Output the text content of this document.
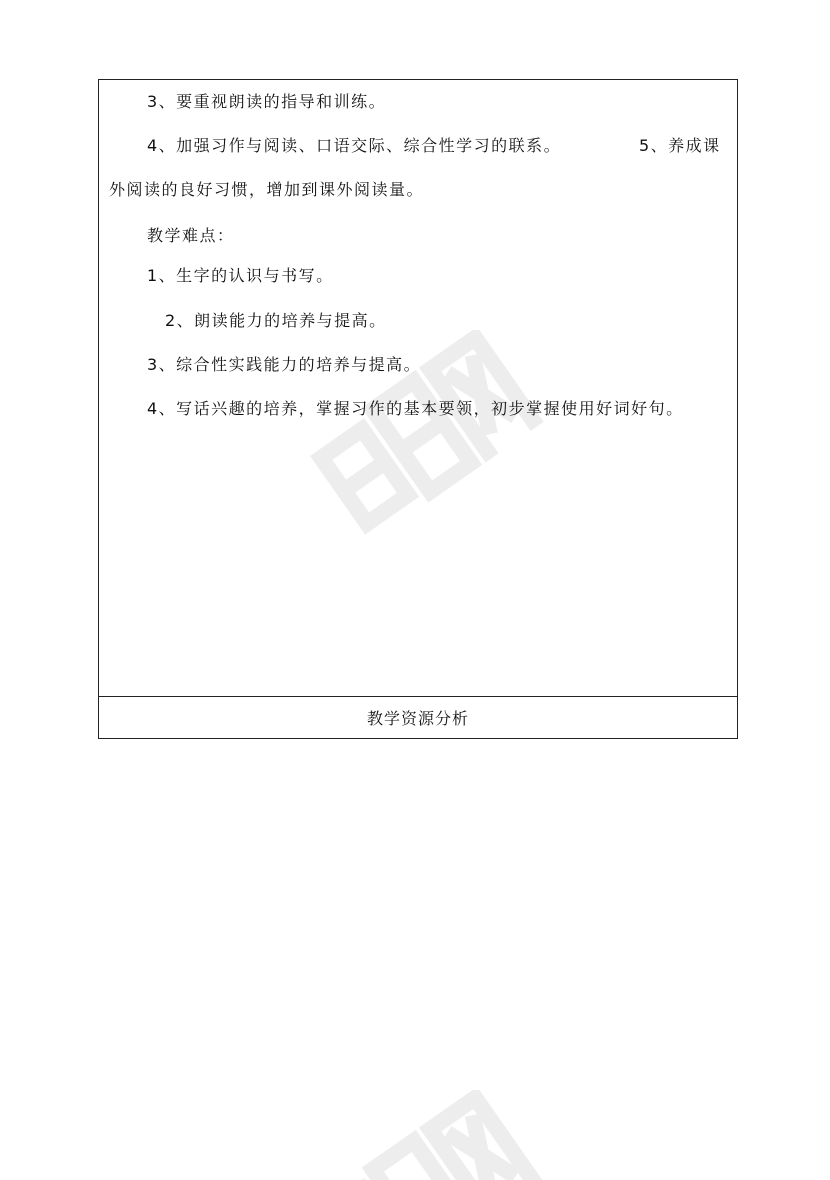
3、要重视朗读的指导和训练。
4、加强习作与阅读、口语交际、综合性学习的联系。	5、养成课
外阅读的良好习惯，增加到课外阅读量。
教学难点：
1、生字的认识与书写。
2、朗读能力的培养与提高。
3、综合性实践能力的培养与提高。
4、写话兴趣的培养，掌握习作的基本要领，初步掌握使用好词好句。
教学资源分析
